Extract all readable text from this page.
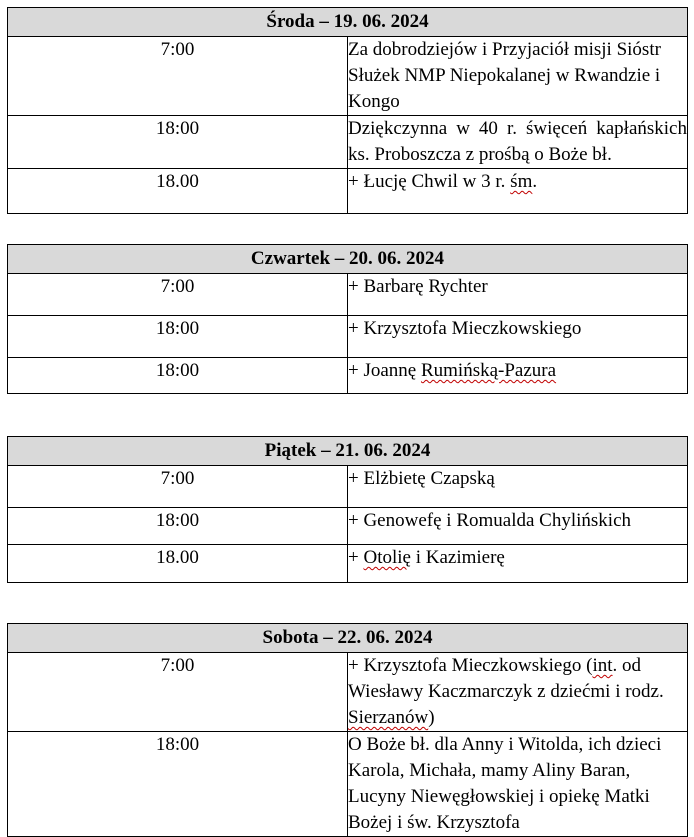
Środa – 19. 06. 2024	
7:00	Za dobrodziejów i Przyjaciół misji Sióstr Służek NMP Niepokalanej w Rwandzie i Kongo
18:00	Dziękczynna w 40 r. święceń kapłańskich ks. Proboszcza z prośbą o Boże bł.
18.00	+ Łucję Chwil w 3 r. śm.
Czwartek – 20. 06. 2024	
7:00	+ Barbarę Rychter
18:00	+ Krzysztofa Mieczkowskiego
18:00	+ Joannę Rumińską-Pazura
Piątek – 21. 06. 2024	
7:00	+ Elżbietę Czapską
18:00	+ Genowefę i Romualda Chylińskich
18.00	+ Otolię i Kazimierę
Sobota – 22. 06. 2024	
7:00	+ Krzysztofa Mieczkowskiego (int. od Wiesławy Kaczmarczyk z dziećmi i rodz. Sierzanów)
18:00	O Boże bł. dla Anny i Witolda, ich dzieci Karola, Michała, mamy Aliny Baran, Lucyny Niewęgłowskiej i opiekę Matki Bożej i św. Krzysztofa
